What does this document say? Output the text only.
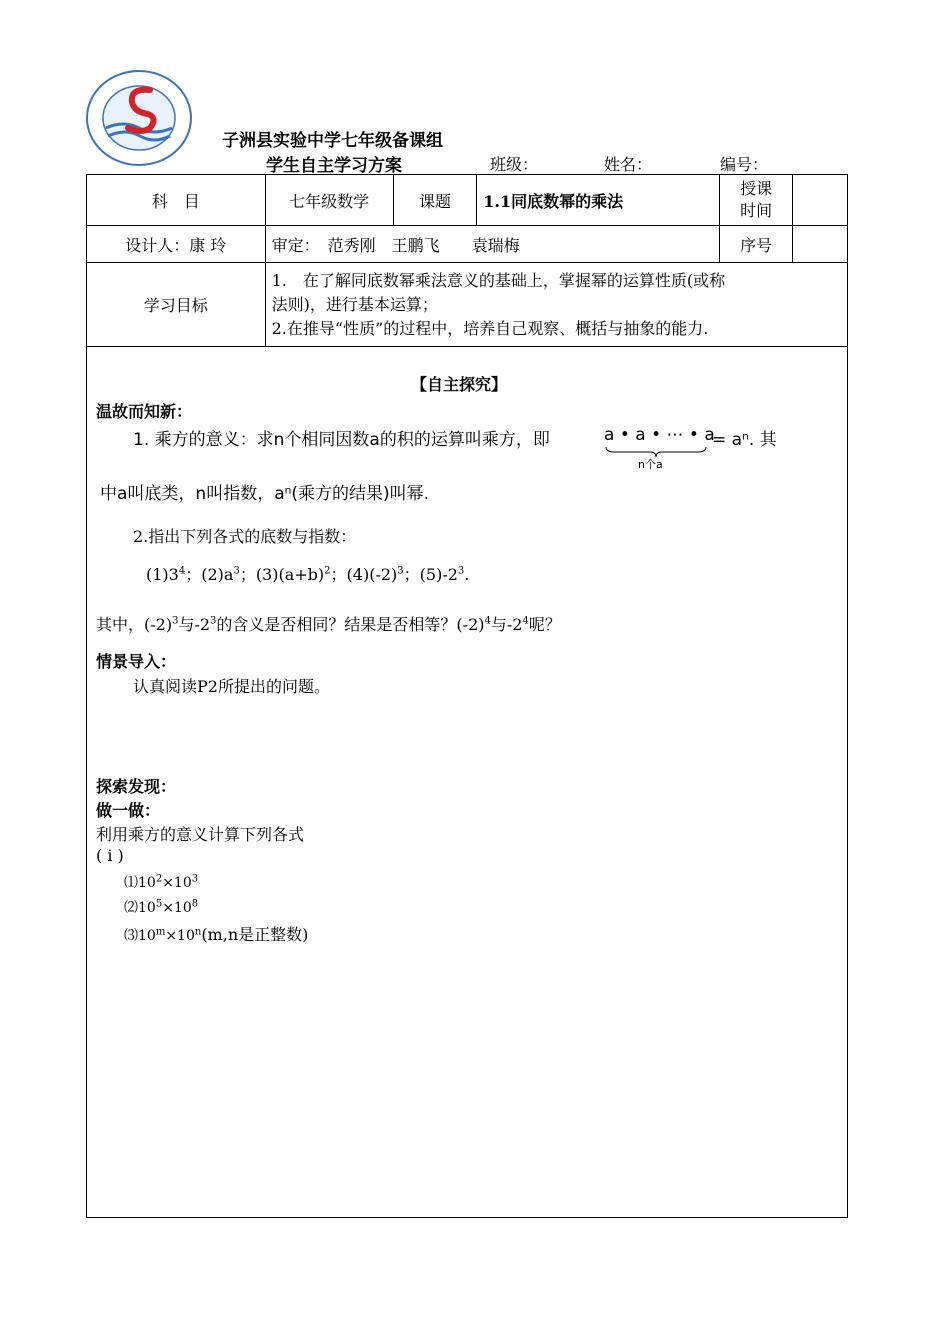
子洲县实验中学七年级备课组
学生自主学习方案	班级：	姓名：	编号：
科　目	七年级数学	课题	1.1同底数幂的乘法	授课
时间	

设计人：康 玲	审定：　范秀刚　王鹏飞　　袁瑞梅			序号	
学习目标	1.　在了解同底数幂乘法意义的基础上，掌握幂的运算性质(或称
法则)，进行基本运算；
2.在推导“性质”的过程中，培养自己观察、概括与抽象的能力.				
【自主探究】
温故而知新：
1. 乘方的意义：求n个相同因数a的积的运算叫乘方，即	a • a • ⋯ • a
n个a
= aⁿ. 其
中a叫底类，n叫指数，aⁿ(乘方的结果)叫幂.
2.指出下列各式的底数与指数：
$(1)3^4$；$(2)a^3$；$(3)(a+b)^2$；$(4)(-2)^3$；$(5)-2^3$.
其中，$(-2)^3$与$-2^3$的含义是否相同？结果是否相等？$(-2)^4$与$-2^4$呢？
情景导入：
认真阅读P2所提出的问题。
探索发现：
做一做：
利用乘方的意义计算下列各式
( i )
$⑴10^2\times 10^3$
$⑵10^5\times 10^8$
$⑶10^m\times 10^n(m,n$是正整数)
